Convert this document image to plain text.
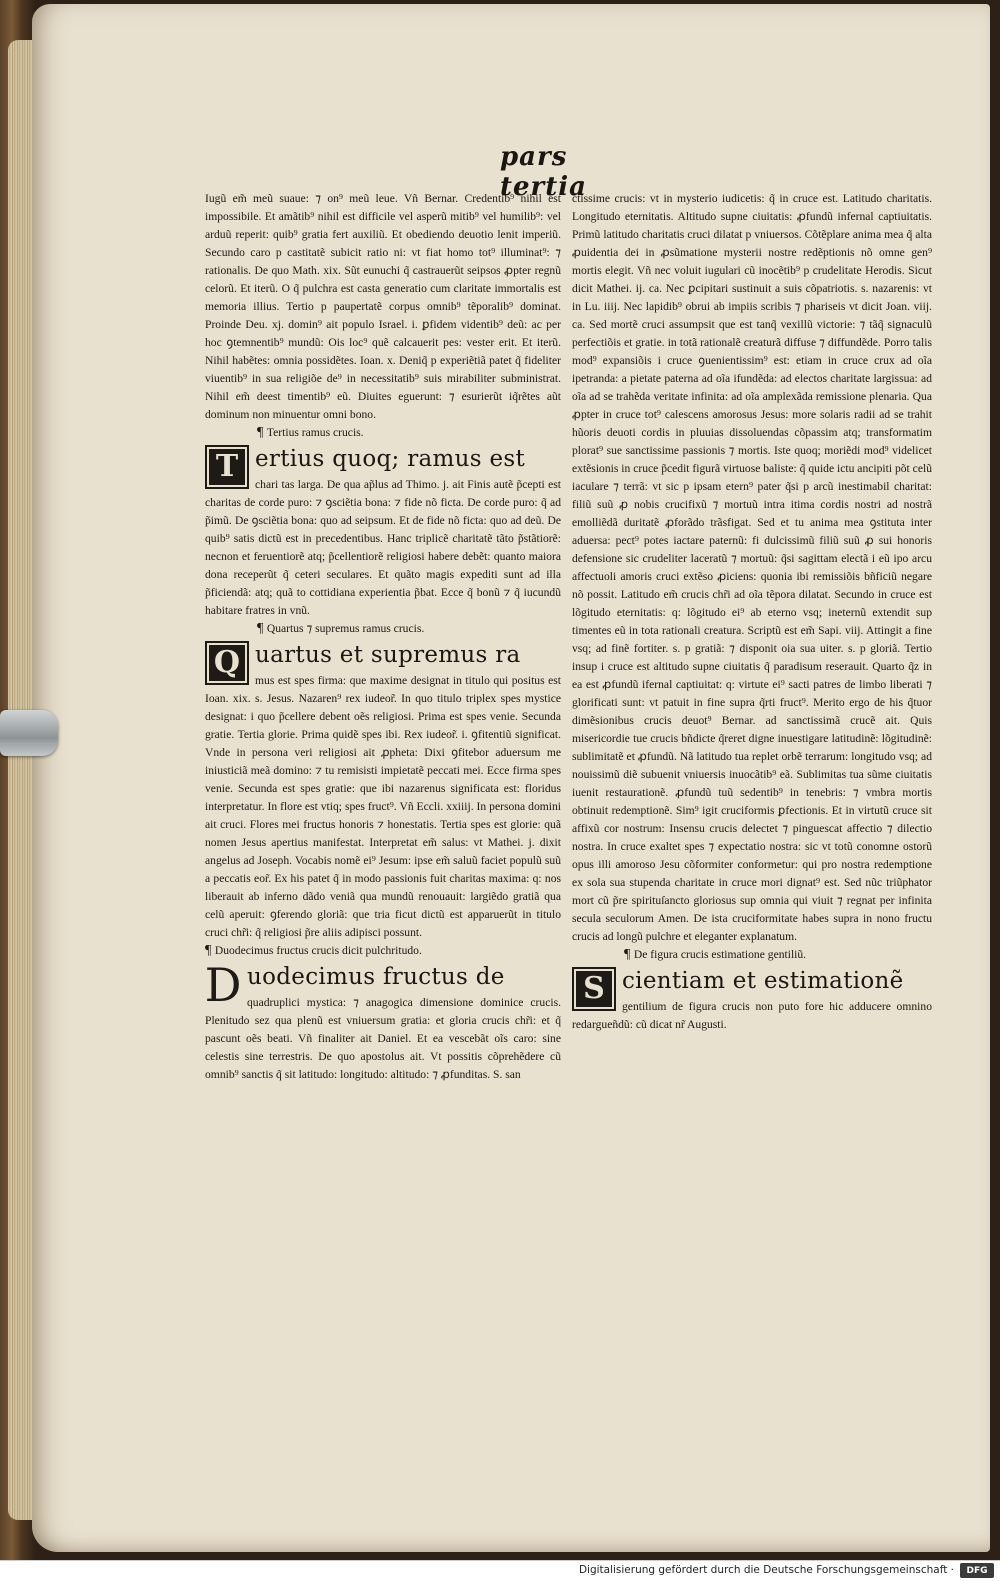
pars tertia

Iugũ em̃ meũ suaue: ⁊ on⁹ meũ leue. Vñ Bernar. Credentib⁹ nihil est impossibile. Et amãtib⁹ nihil est difficile vel asperũ mitib⁹ vel humilib⁹: vel arduũ reperit: quib⁹ gratia fert auxiliũ. Et obediendo deuotio lenit imperiũ. Secundo caro p castitatẽ subicit ratio ni: vt fiat homo tot⁹ illuminat⁹: ⁊ rationalis. De quo Math. xix. Sũt eunuchi q̃ castrauerũt seipsos ꝓpter regnũ celorũ. Et iterũ. O q̃ pulchra est casta generatio cum claritate immortalis est memoria illius. Tertio p paupertatẽ corpus omnib⁹ tẽporalib⁹ dominat. Proinde Deu. xj. domin⁹ ait populo Israel. i. ꝑfidem videntib⁹ deũ: ac per hoc ꝯtemnentib⁹ mundũ: Ois loc⁹ quẽ calcauerit pes: vester erit. Et iterũ. Nihil habẽtes: omnia possidẽtes. Ioan. x. Deniq̃ p experiẽtiã patet q̃ fideliter viuentib⁹ in sua religiõe de⁹ in necessitatib⁹ suis mirabiliter subministrat. Nihil em̃ deest timentib⁹ eũ. Diuites eguerunt: ⁊ esurierũt iq̃rẽtes aũt dominum non minuentur omni bono.

¶ Tertius ramus crucis.

T ertius quoq; ramus est

chari tas larga. De qua ap̃lus ad Thimo. j. ait Finis autẽ p̃cepti est charitas de corde puro: ⁊ ꝯsciẽtia bona: ⁊ fide nõ ficta. De corde puro: q̃ ad p̃imũ. De ꝯsciẽtia bona: quo ad seipsum. Et de fide nõ ficta: quo ad deũ. De quib⁹ satis dictũ est in precedentibus. Hanc triplicẽ charitatẽ tãto p̃stãtiorẽ: necnon et feruentiorẽ atq; p̃cellentiorẽ religiosi habere debẽt: quanto maiora dona receperũt q̃ ceteri seculares. Et quãto magis expediti sunt ad illa p̃ficiendã: atq; quã to cottidiana experientia p̃bat. Ecce q̃ bonũ ⁊ q̃ iucundũ habitare fratres in vnũ.

¶ Quartus ⁊ supremus ramus crucis.

Q uartus et supremus ra

mus est spes firma: que maxime designat in titulo qui positus est Ioan. xix. s. Jesus. Nazaren⁹ rex iudeor̃. In quo titulo triplex spes mystice designat: i quo p̃cellere debent oẽs religiosi. Prima est spes venie. Secunda gratie. Tertia glorie. Prima quidẽ spes ibi. Rex iudeor̃. i. ꝯfitentiũ significat. Vnde in persona veri religiosi ait ꝓpheta: Dixi ꝯfitebor aduersum me iniusticiã meã domino: ⁊ tu remisisti impietatẽ peccati mei. Ecce firma spes venie. Secunda est spes gratie: que ibi nazarenus significata est: floridus interpretatur. In flore est vtiq; spes fruct⁹. Vñ Eccli. xxiiij. In persona domini ait cruci. Flores mei fructus honoris ⁊ honestatis. Tertia spes est glorie: quã nomen Jesus apertius manifestat. Interpretat em̃ salus: vt Mathei. j. dixit angelus ad Joseph. Vocabis nomẽ ei⁹ Jesum: ipse em̃ saluũ faciet populũ suũ a peccatis eor̃. Ex his patet q̃ in modo passionis fuit charitas maxima: q: nos liberauit ab inferno dãdo veniã qua mundũ renouauit: largiẽdo gratiã qua celũ aperuit: ꝯferendo gloriã: que tria ficut dictũ est apparuerũt in titulo cruci chr̃i: q̃ religiosi p̃re aliis adipisci possunt.

¶ Duodecimus fructus crucis dicit pulchritudo.

D uodecimus fructus de

quadruplici mystica: ⁊ anagogica dimensione dominice crucis. Plenitudo sez qua plenũ est vniuersum gratia: et gloria crucis chr̃i: et q̃ pascunt oẽs beati. Vñ finaliter ait Daniel. Et ea vescebãt oĩs caro: sine celestis sine terrestris. De quo apostolus ait. Vt possitis cõprehẽdere cũ omnib⁹ sanctis q̃ sit latitudo: longitudo: altitudo: ⁊ ꝓfunditas. S. san

ctissime crucis: vt in mysterio iudicetis: q̃ in cruce est. Latitudo charitatis. Longitudo eternitatis. Altitudo supne ciuitatis: ꝓfundũ infernal captiuitatis. Primũ latitudo charitatis cruci dilatat p vniuersos. Cõtẽplare anima mea q̃ alta ꝓuidentia dei in ꝓsũmatione mysterii nostre redẽptionis nõ omne gen⁹ mortis elegit. Vñ nec voluit iugulari cũ inocẽtib⁹ p crudelitate Herodis. Sicut dicit Mathei. ij. ca. Nec ꝑcipitari sustinuit a suis cõpatriotis. s. nazarenis: vt in Lu. iiij. Nec lapidib⁹ obrui ab impiis scribis ⁊ phariseis vt dicit Joan. viij. ca. Sed mortẽ cruci assumpsit que est tanq̃ vexillũ victorie: ⁊ tãq̃ signaculũ perfectiõis et gratie. in totã rationalẽ creaturã diffuse ⁊ diffundẽde. Porro talis mod⁹ expansiõis i cruce ꝯuenientissim⁹ est: etiam in cruce crux ad oĩa ipetranda: a pietate paterna ad oĩa ifundẽda: ad electos charitate largissua: ad oĩa ad se trahẽda veritate infinita: ad oĩa amplexãda remissione plenaria. Qua ꝓpter in cruce tot⁹ calescens amorosus Jesus: more solaris radii ad se trahit hũoris deuoti cordis in pluuias dissoluendas cõpassim atq; transformatim plorat⁹ sue sanctissime passionis ⁊ mortis. Iste quoq; moriẽdi mod⁹ videlicet extẽsionis in cruce p̃cedit figurã virtuose baliste: q̃ quide ictu ancipiti põt celũ iaculare ⁊ terrã: vt sic p ipsam etern⁹ pater q̃si p arcũ inestimabil charitat: filiũ suũ ꝓ nobis crucifixũ ⁊ mortuũ intra itima cordis nostri ad nostrã emolliẽdã duritatẽ ꝓforãdo trãsfigat. Sed et tu anima mea ꝯstituta inter aduersa: pect⁹ potes iactare paternũ: fi dulcissimũ filiũ suũ ꝓ sui honoris defensione sic crudeliter laceratũ ⁊ mortuũ: q̃si sagittam electã i eũ ipo arcu affectuoli amoris cruci extẽso ꝓiciens: quonia ibi remissiõis bñficiũ negare nõ possit. Latitudo em̃ crucis chr̃i ad oĩa tẽpora dilatat. Secundo in cruce est lõgitudo eternitatis: q: lõgitudo ei⁹ ab eterno vsq; ineternũ extendit sup timentes eũ in tota rationali creatura. Scriptũ est em̃ Sapi. viij. Attingit a fine vsq; ad finẽ fortiter. s. p gratiã: ⁊ disponit oia sua uiter. s. p gloriã. Tertio insup i cruce est altitudo supne ciuitatis q̃ paradisum reserauit. Quarto q̃z in ea est ꝓfundũ ifernal captiuitat: q: virtute ei⁹ sacti patres de limbo liberati ⁊ glorificati sunt: vt patuit in fine supra q̃rti fruct⁹. Merito ergo de his q̃tuor dimẽsionibus crucis deuot⁹ Bernar. ad sanctissimã crucẽ ait. Quis misericordie tue crucis bñdicte q̃reret digne inuestigare latitudinẽ: lõgitudinẽ: sublimitatẽ et ꝓfundũ. Nã latitudo tua replet orbẽ terrarum: longitudo vsq; ad nouissimũ diẽ subuenit vniuersis inuocãtib⁹ eã. Sublimitas tua sũme ciuitatis iuenit restaurationẽ. ꝓfundũ tuũ sedentib⁹ in tenebris: ⁊ vmbra mortis obtinuit redemptionẽ. Sim⁹ igit cruciformis ꝑfectionis. Et in virtutũ cruce sit affixũ cor nostrum: Insensu crucis delectet ⁊ pinguescat affectio ⁊ dilectio nostra. In cruce exaltet spes ⁊ expectatio nostra: sic vt totũ conomne ostorũ opus illi amoroso Jesu cõformiter conformetur: qui pro nostra redemptione ex sola sua stupenda charitate in cruce mori dignat⁹ est. Sed nũc triũphator mort cũ p̃re spirituſancto gloriosus sup omnia qui viuit ⁊ regnat per infinita secula seculorum Amen. De ista cruciformitate habes supra in nono fructu crucis ad longũ pulchre et eleganter explanatum.

¶ De figura crucis estimatione gentiliũ.

S cientiam et estimationẽ

gentilium de figura crucis non puto fore hic adducere omnino redargueñdũ: cũ dicat nr̃ Augusti.

Digitalisierung gefördert durch die Deutsche Forschungsgemeinschaft ·	DFG
